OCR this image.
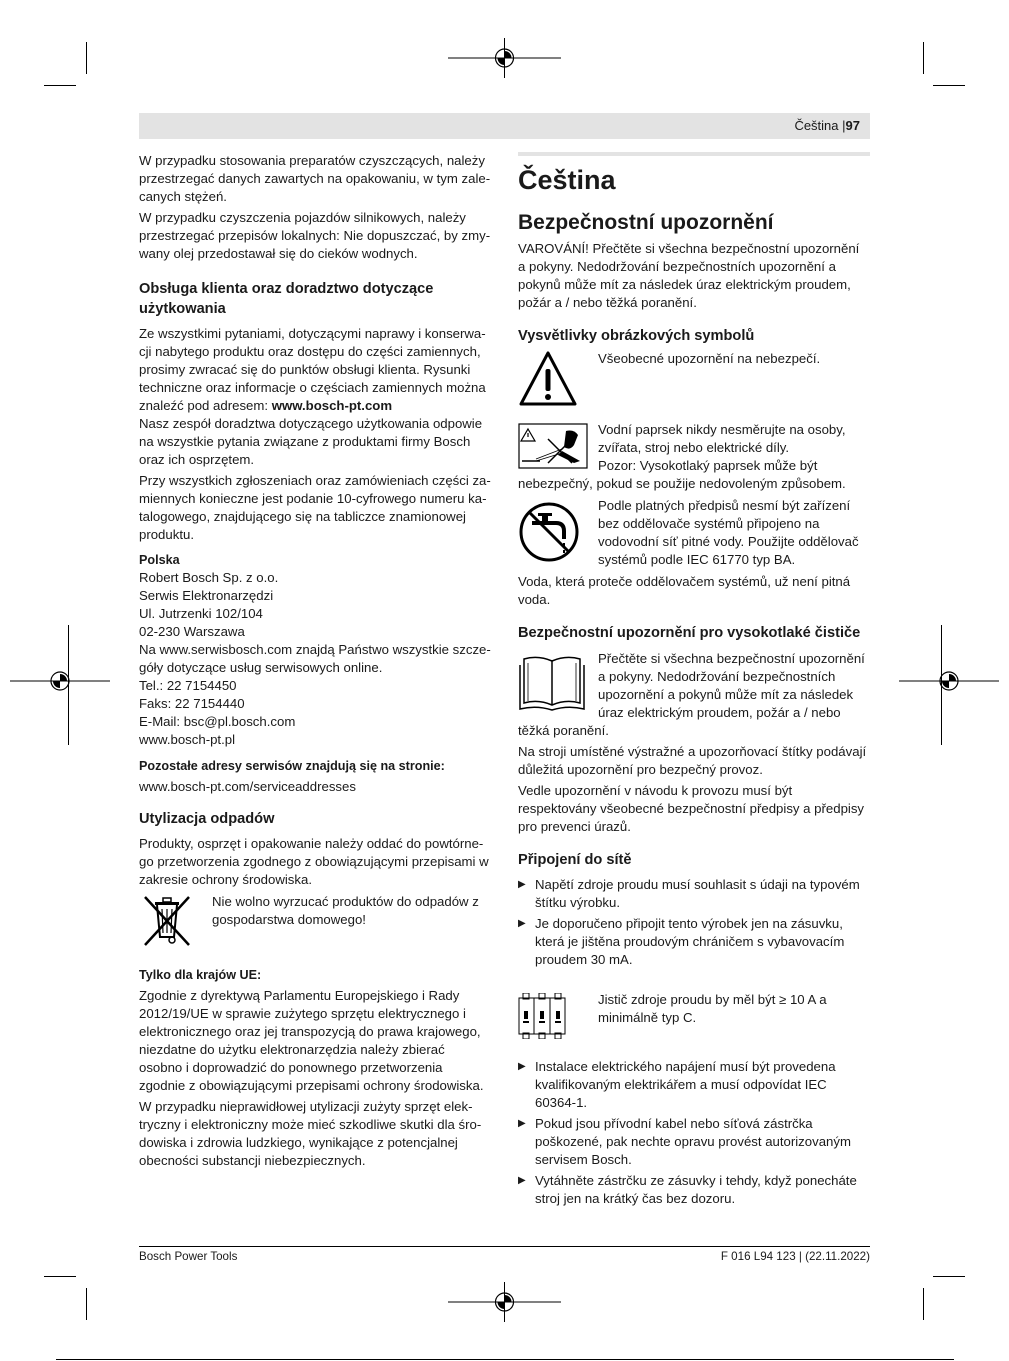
Čeština |97

W przypadku stosowania preparatów czyszczących, należy przestrzegać danych zawartych na opakowaniu, w tym zalecanych stężeń.

W przypadku czyszczenia pojazdów silnikowych, należy przestrzegać przepisów lokalnych: Nie dopuszczać, by zmywany olej przedostawał się do cieków wodnych.

Obsługa klienta oraz doradztwo dotyczące użytkowania

Ze wszystkimi pytaniami, dotyczącymi naprawy i konserwacji nabytego produktu oraz dostępu do części zamiennych, prosimy zwracać się do punktów obsługi klienta. Rysunki techniczne oraz informacje o częściach zamiennych można znaleźć pod adresem: www.bosch-pt.com

Nasz zespół doradztwa dotyczącego użytkowania odpowie na wszystkie pytania związane z produktami firmy Bosch oraz ich osprzętem.

Przy wszystkich zgłoszeniach oraz zamówieniach części zamiennych konieczne jest podanie 10-cyfrowego numeru katalogowego, znajdującego się na tabliczce znamionowej produktu.

Polska

Robert Bosch Sp. z o.o.

Serwis Elektronarzędzi

Ul. Jutrzenki 102/104

02-230 Warszawa

Na www.serwisbosch.com znajdą Państwo wszystkie szczegóły dotyczące usług serwisowych online.

Tel.: 22 7154450

Faks: 22 7154440

E-Mail: bsc@pl.bosch.com

www.bosch-pt.pl

Pozostałe adresy serwisów znajdują się na stronie:

www.bosch-pt.com/serviceaddresses

Utylizacja odpadów

Produkty, osprzęt i opakowanie należy oddać do powtórnego przetworzenia zgodnego z obowiązującymi przepisami w zakresie ochrony środowiska.

Nie wolno wyrzucać produktów do odpadów z gospodarstwa domowego!

Tylko dla krajów UE:

Zgodnie z dyrektywą Parlamentu Europejskiego i Rady 2012/19/UE w sprawie zużytego sprzętu elektrycznego i elektronicznego oraz jej transpozycją do prawa krajowego, niezdatne do użytku elektronarzędzia należy zbierać osobno i doprowadzić do ponownego przetworzenia zgodnie z obowiązującymi przepisami ochrony środowiska.

W przypadku nieprawidłowej utylizacji zużyty sprzęt elektryczny i elektroniczny może mieć szkodliwe skutki dla środowiska i zdrowia ludzkiego, wynikające z potencjalnej obecności substancji niebezpiecznych.

Čeština
Bezpečnostní upozornění

VAROVÁNÍ! Přečtěte si všechna bezpečnostní upozornění a pokyny. Nedodržování bezpečnostních upozornění a pokynů může mít za následek úraz elektrickým proudem, požár a / nebo těžká poranění.

Vysvětlivky obrázkových symbolů

Všeobecné upozornění na nebezpečí.

Vodní paprsek nikdy nesměrujte na osoby, zvířata, stroj nebo elektrické díly.

Pozor: Vysokotlaký paprsek může být

nebezpečný, pokud se použije nedovoleným způsobem.

Podle platných předpisů nesmí být zařízení bez oddělovače systémů připojeno na vodovodní síť pitné vody. Použijte oddělovač systémů podle IEC 61770 typ BA.

Voda, která proteče oddělovačem systémů, už není pitná voda.

Bezpečnostní upozornění pro vysokotlaké čističe

Přečtěte si všechna bezpečnostní upozornění a pokyny. Nedodržování bezpečnostních upozornění a pokynů může mít za následek úraz elektrickým proudem, požár a / nebo

těžká poranění.

Na stroji umístěné výstražné a upozorňovací štítky podávají důležitá upozornění pro bezpečný provoz.

Vedle upozornění v návodu k provozu musí být respektovány všeobecné bezpečnostní předpisy a předpisy pro prevenci úrazů.

Připojení do sítě
▶ Napětí zdroje proudu musí souhlasit s údaji na typovém štítku výrobku.

▶ Je doporučeno připojit tento výrobek jen na zásuvku, která je jištěna proudovým chráničem s vybavovacím proudem 30 mA.

Jistič zdroje proudu by měl být ≥ 10 A a minimálně typ C.

▶ Instalace elektrického napájení musí být provedena kvalifikovaným elektrikářem a musí odpovídat IEC 60364-1.

▶ Pokud jsou přívodní kabel nebo síťová zástrčka poškozené, pak nechte opravu provést autorizovaným servisem Bosch.

▶ Vytáhněte zástrčku ze zásuvky i tehdy, když ponecháte stroj jen na krátký čas bez dozoru.

Bosch Power Tools	F 016 L94 123 | (22.11.2022)
